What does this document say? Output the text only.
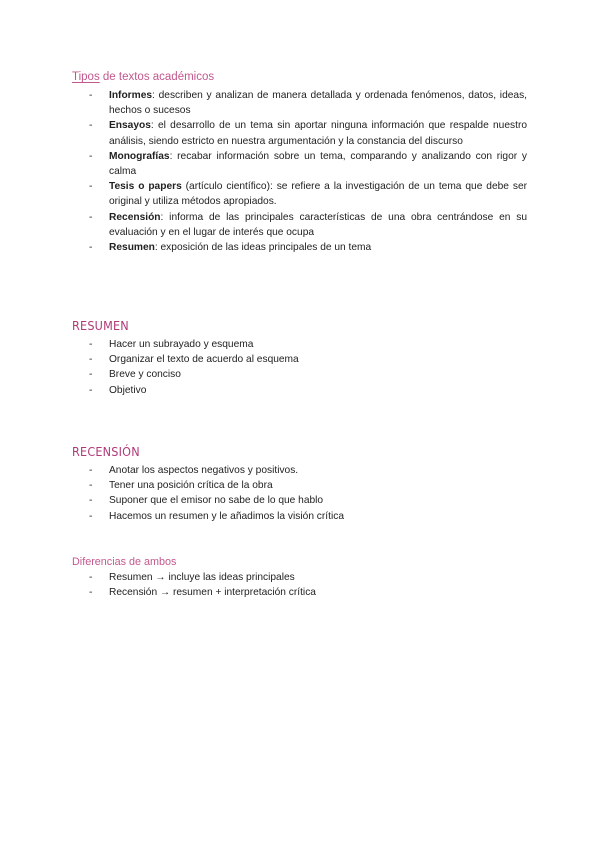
Tipos de textos académicos
- Informes: describen y analizan de manera detallada y ordenada fenómenos, datos, ideas, hechos o sucesos
- Ensayos: el desarrollo de un tema sin aportar ninguna información que respalde nuestro análisis, siendo estricto en nuestra argumentación y la constancia del discurso
- Monografías: recabar información sobre un tema, comparando y analizando con rigor y calma
- Tesis o papers (artículo científico): se refiere a la investigación de un tema que debe ser original y utiliza métodos apropiados.
- Recensión: informa de las principales características de una obra centrándose en su evaluación y en el lugar de interés que ocupa
- Resumen: exposición de las ideas principales de un tema
RESUMEN
- Hacer un subrayado y esquema
- Organizar el texto de acuerdo al esquema
- Breve y conciso
- Objetivo
RECENSIÓN
- Anotar los aspectos negativos y positivos.
- Tener una posición crítica de la obra
- Suponer que el emisor no sabe de lo que hablo
- Hacemos un resumen y le añadimos la visión crítica
Diferencias de ambos
- Resumen → incluye las ideas principales
- Recensión → resumen + interpretación crítica
